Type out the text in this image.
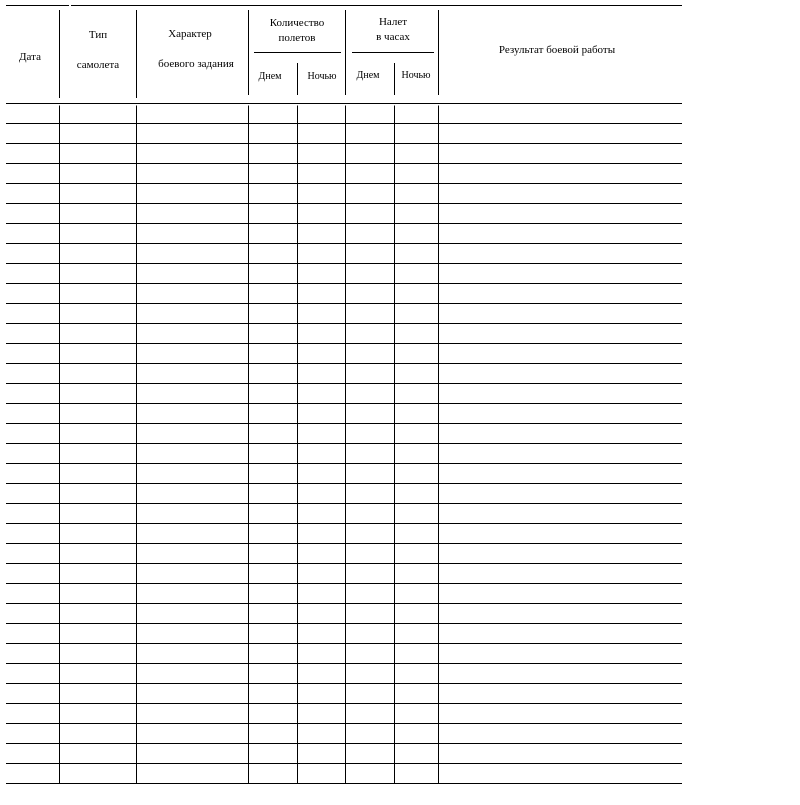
Дата
Тип
самолета
Характер
боевого задания
Количество
полетов
Днем	Ночью
Налет
в часах
Днем	Ночью
Результат боевой работы
